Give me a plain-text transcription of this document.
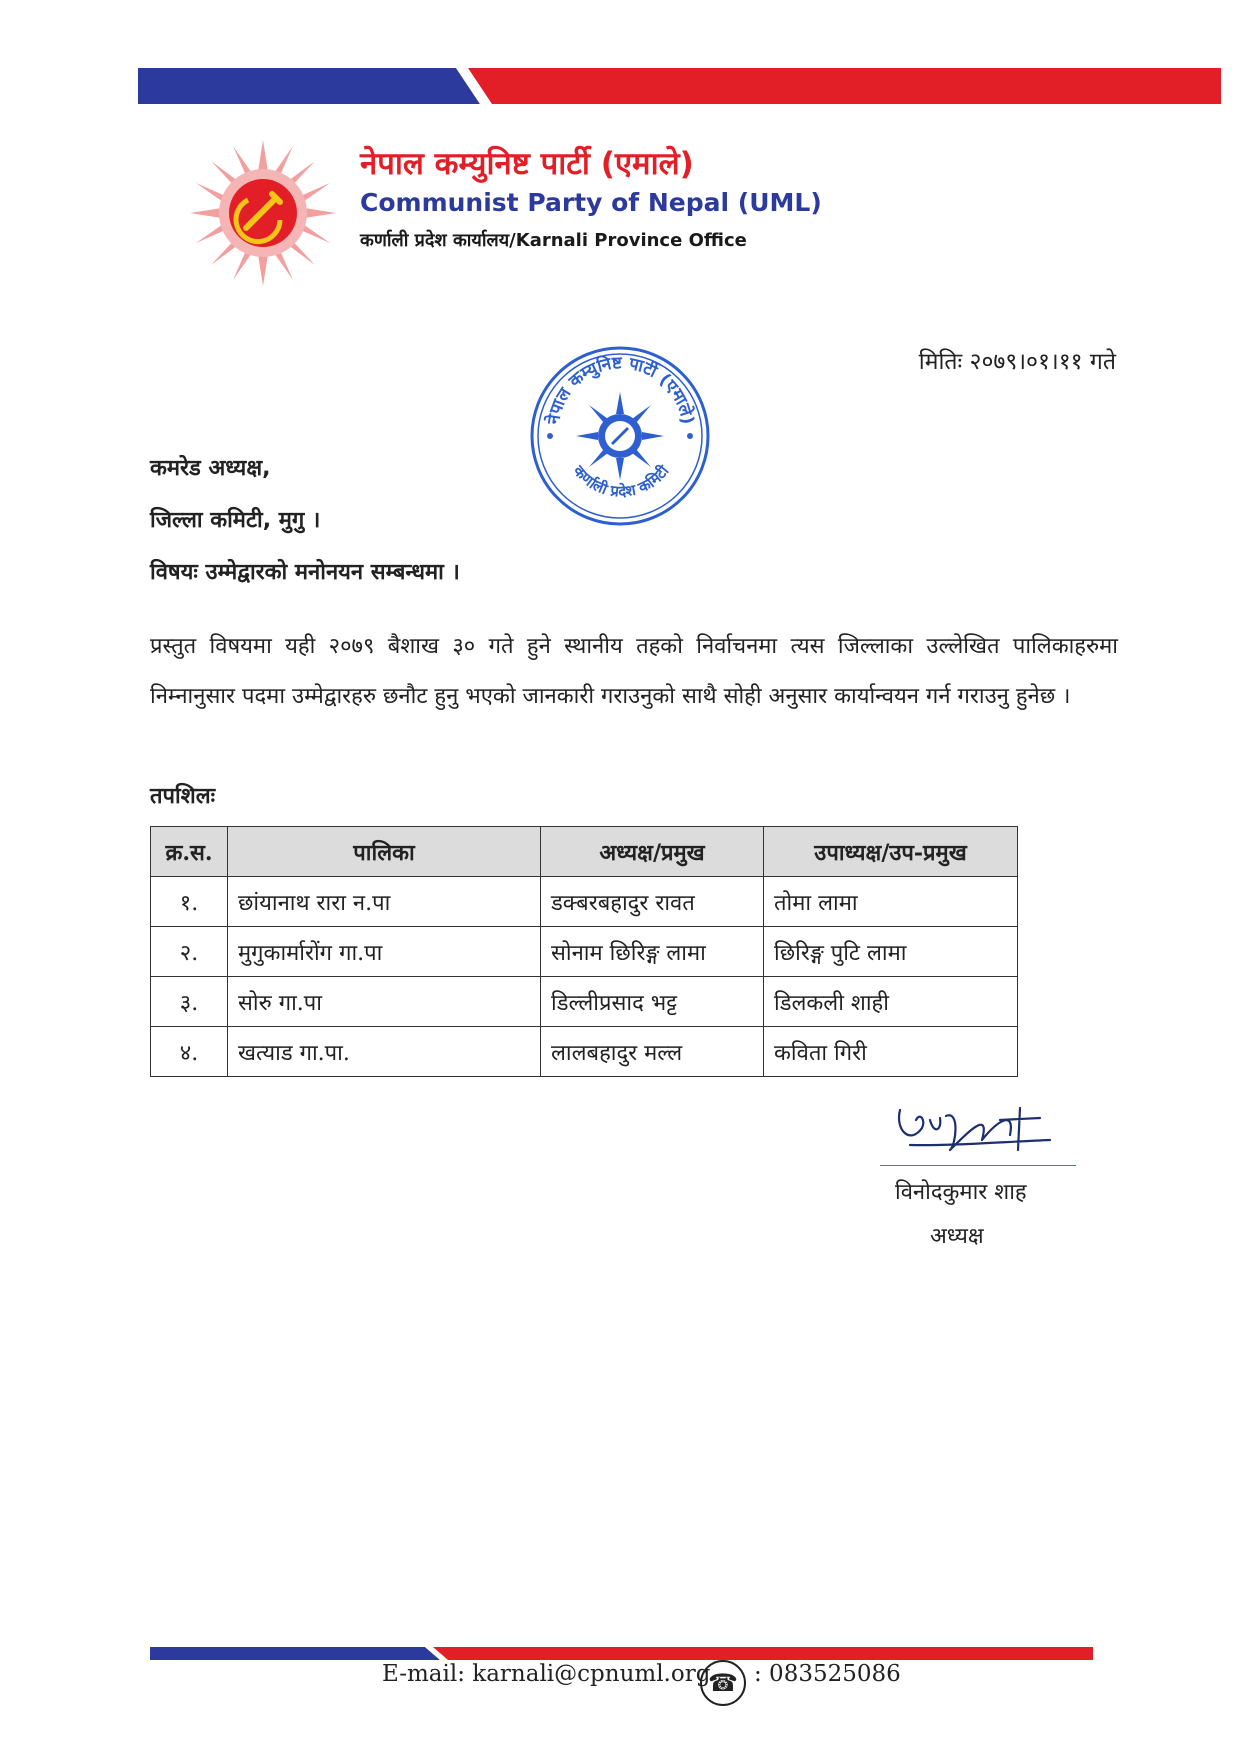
नेपाल कम्युनिष्ट पार्टी (एमाले)
Communist Party of Nepal (UML)
कर्णाली प्रदेश कार्यालय/Karnali Province Office
नेपाल कम्युनिष्ट पार्टी (एमाले)
कर्णाली प्रदेश कमिटी
मितिः २०७९।०१।११ गते
कमरेड अध्यक्ष,
जिल्ला कमिटी, मुगु ।
विषयः उम्मेद्वारको मनोनयन सम्बन्धमा ।
प्रस्तुत विषयमा यही २०७९ बैशाख ३० गते हुने स्थानीय तहको निर्वाचनमा त्यस जिल्लाका उल्लेखित पालिकाहरुमा निम्नानुसार पदमा उम्मेद्वारहरु छनौट हुनु भएको जानकारी गराउनुको साथै सोही अनुसार कार्यान्वयन गर्न गराउनु हुनेछ ।
तपशिलः
क्र.स.	पालिका	अध्यक्ष/प्रमुख	उपाध्यक्ष/उप-प्रमुख
१.	छांयानाथ रारा न.पा	डक्बरबहादुर रावत	तोमा लामा
२.	मुगुकार्मारोंग गा.पा	सोनाम छिरिङ्ग लामा	छिरिङ्ग पुटि लामा
३.	सोरु गा.पा	डिल्लीप्रसाद भट्ट	डिलकली शाही
४.	खत्याड गा.पा.	लालबहादुर मल्ल	कविता गिरी
विनोदकुमार शाह
अध्यक्ष
E-mail: karnali@cpnuml.org
☎ : 083525086
